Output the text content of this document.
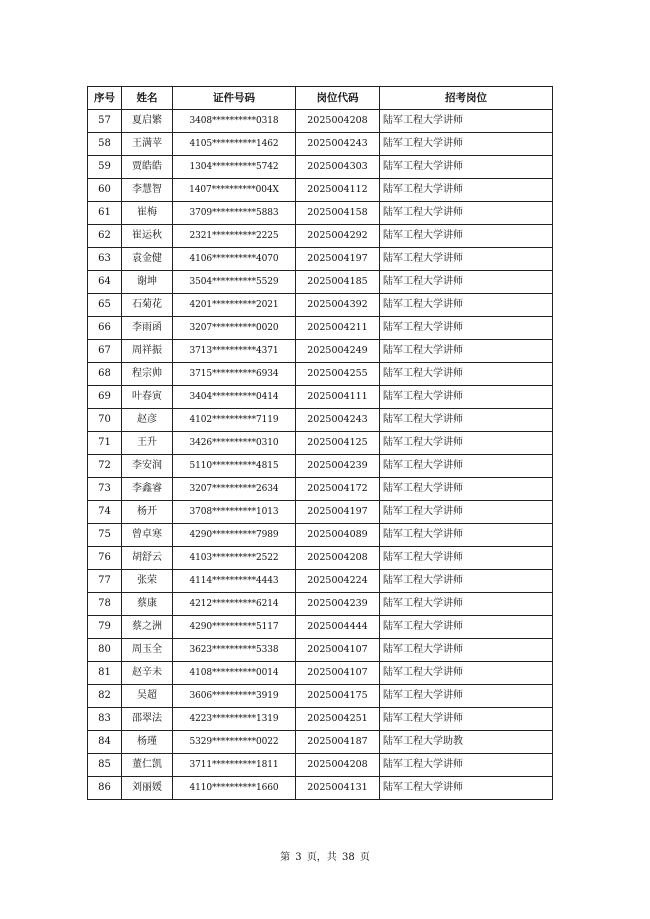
序号	姓名	证件号码	岗位代码	招考岗位
57	夏启繁	3408**********0318	2025004208	陆军工程大学讲师
58	王满苹	4105**********1462	2025004243	陆军工程大学讲师
59	贾皓皓	1304**********5742	2025004303	陆军工程大学讲师
60	李慧智	1407**********004X	2025004112	陆军工程大学讲师
61	崔梅	3709**********5883	2025004158	陆军工程大学讲师
62	崔运秋	2321**********2225	2025004292	陆军工程大学讲师
63	袁金健	4106**********4070	2025004197	陆军工程大学讲师
64	谢坤	3504**********5529	2025004185	陆军工程大学讲师
65	石菊花	4201**********2021	2025004392	陆军工程大学讲师
66	李雨函	3207**********0020	2025004211	陆军工程大学讲师
67	周祥振	3713**********4371	2025004249	陆军工程大学讲师
68	程宗帅	3715**********6934	2025004255	陆军工程大学讲师
69	叶春寅	3404**********0414	2025004111	陆军工程大学讲师
70	赵彦	4102**********7119	2025004243	陆军工程大学讲师
71	王升	3426**********0310	2025004125	陆军工程大学讲师
72	李安润	5110**********4815	2025004239	陆军工程大学讲师
73	李鑫睿	3207**********2634	2025004172	陆军工程大学讲师
74	杨开	3708**********1013	2025004197	陆军工程大学讲师
75	曾卓寒	4290**********7989	2025004089	陆军工程大学讲师
76	胡舒云	4103**********2522	2025004208	陆军工程大学讲师
77	张荣	4114**********4443	2025004224	陆军工程大学讲师
78	蔡康	4212**********6214	2025004239	陆军工程大学讲师
79	蔡之洲	4290**********5117	2025004444	陆军工程大学讲师
80	周玉全	3623**********5338	2025004107	陆军工程大学讲师
81	赵辛未	4108**********0014	2025004107	陆军工程大学讲师
82	吴超	3606**********3919	2025004175	陆军工程大学讲师
83	邵翠法	4223**********1319	2025004251	陆军工程大学讲师
84	杨瑾	5329**********0022	2025004187	陆军工程大学助教
85	董仁凯	3711**********1811	2025004208	陆军工程大学讲师
86	刘丽媛	4110**********1660	2025004131	陆军工程大学讲师
第 3 页，共 38 页
